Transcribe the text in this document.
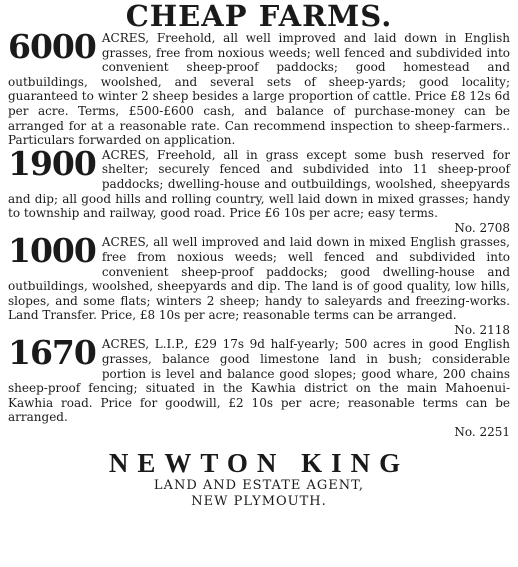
CHEAP FARMS.
6000 ACRES, Freehold, all well improved and laid down in English grasses, free from noxious weeds; well fenced and subdivided into convenient sheep-proof paddocks; good homestead and outbuildings, woolshed, and several sets of sheep-yards; good locality; guaranteed to winter 2 sheep besides a large proportion of cattle. Price £8 12s 6d per acre. Terms, £500-£600 cash, and balance of purchase-money can be arranged for at a reasonable rate. Can recommend inspection to sheep-farmers.. Particulars forwarded on application.

1900 ACRES, Freehold, all in grass except some bush reserved for shelter; securely fenced and subdivided into 11 sheep-proof paddocks; dwelling-house and outbuildings, woolshed, sheepyards and dip; all good hills and rolling country, well laid down in mixed grasses; handy to township and railway, good road. Price £6 10s per acre; easy terms.

No. 2708
1000 ACRES, all well improved and laid down in mixed English grasses, free from noxious weeds; well fenced and subdivided into convenient sheep-proof paddocks; good dwelling-house and outbuildings, woolshed, sheepyards and dip. The land is of good quality, low hills, slopes, and some flats; winters 2 sheep; handy to saleyards and freezing-works. Land Transfer. Price, £8 10s per acre; reasonable terms can be arranged.

No. 2118
1670 ACRES, L.I.P., £29 17s 9d half-yearly; 500 acres in good English grasses, balance good limestone land in bush; considerable portion is level and balance good slopes; good whare, 200 chains sheep-proof fencing; situated in the Kawhia district on the main Mahoenui-Kawhia road. Price for goodwill, £2 10s per acre; reasonable terms can be arranged.

No. 2251

NEWTON KING

LAND AND ESTATE AGENT,

NEW PLYMOUTH.
